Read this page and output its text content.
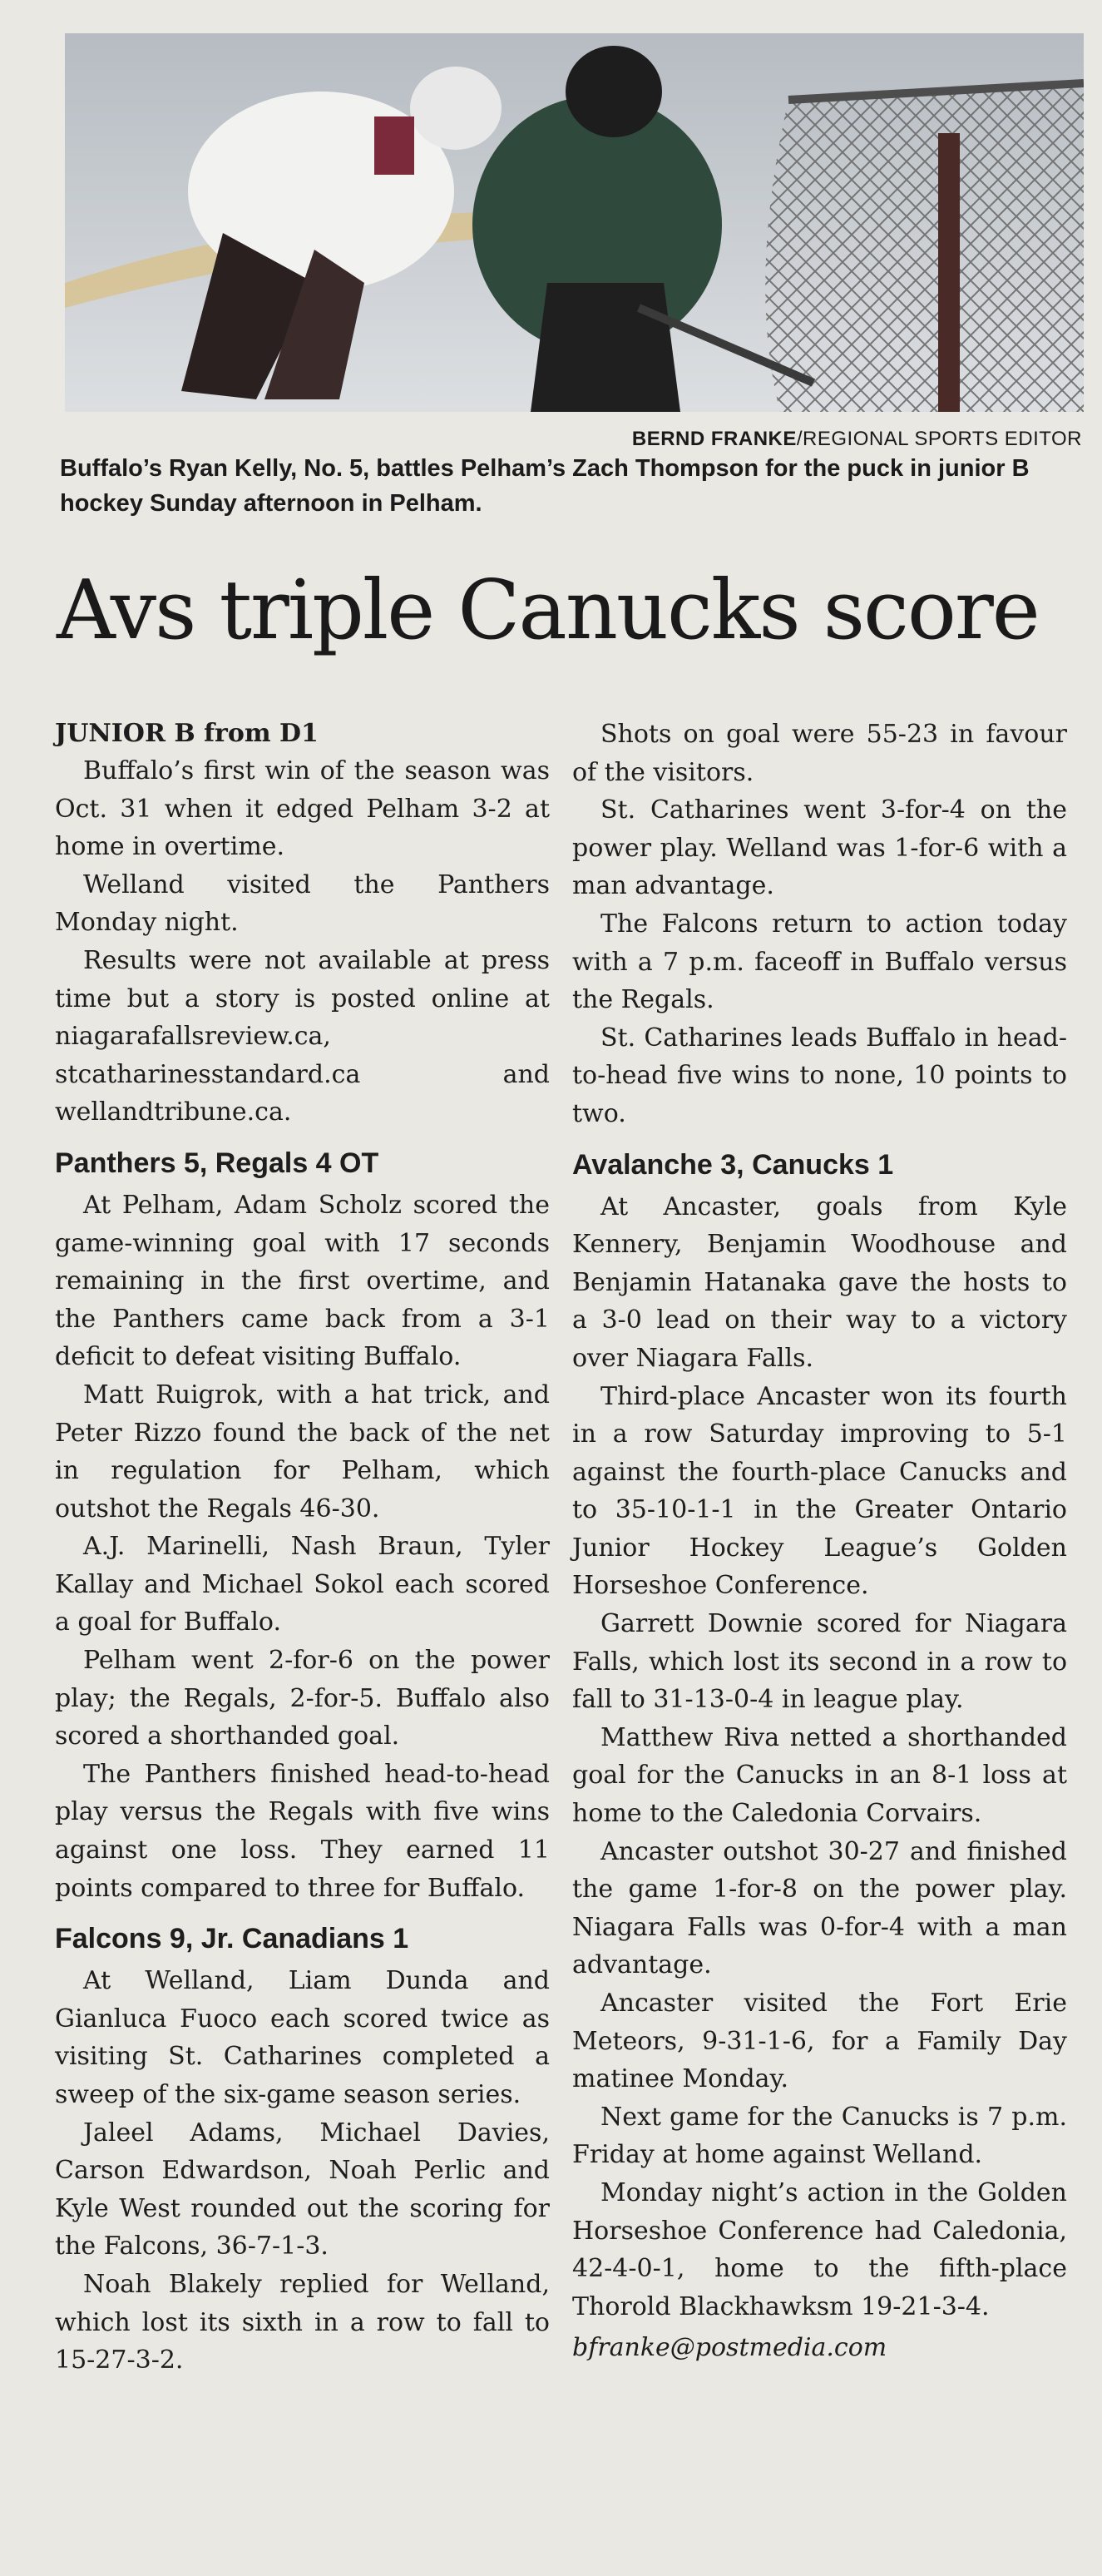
BERND FRANKE/REGIONAL SPORTS EDITOR
Buffalo’s Ryan Kelly, No. 5, battles Pelham’s Zach Thompson for the puck in junior B hockey Sunday afternoon in Pelham.
Avs triple Canucks score
JUNIOR B from D1

Buffalo’s first win of the season was Oct. 31 when it edged Pelham 3-2 at home in overtime.

Welland visited the Panthers Monday night.

Results were not available at press time but a story is posted online at niagarafallsreview.ca, stcatharinesstandard.ca and wellandtribune.ca.

Panthers 5, Regals 4 OT

At Pelham, Adam Scholz scored the game-winning goal with 17 seconds remaining in the first overtime, and the Panthers came back from a 3-1 deficit to defeat visiting Buffalo.

Matt Ruigrok, with a hat trick, and Peter Rizzo found the back of the net in regulation for Pelham, which outshot the Regals 46-30.

A.J. Marinelli, Nash Braun, Tyler Kallay and Michael Sokol each scored a goal for Buffalo.

Pelham went 2-for-6 on the power play; the Regals, 2-for-5. Buffalo also scored a shorthanded goal.

The Panthers finished head-to-head play versus the Regals with five wins against one loss. They earned 11 points compared to three for Buffalo.

Falcons 9, Jr. Canadians 1

At Welland, Liam Dunda and Gianluca Fuoco each scored twice as visiting St. Catharines completed a sweep of the six-game season series.

Jaleel Adams, Michael Davies, Carson Edwardson, Noah Perlic and Kyle West rounded out the scoring for the Falcons, 36-7-1-3.

Noah Blakely replied for Welland, which lost its sixth in a row to fall to 15-27-3-2.

Shots on goal were 55-23 in favour of the visitors.

St. Catharines went 3-for-4 on the power play. Welland was 1-for-6 with a man advantage.

The Falcons return to action today with a 7 p.m. faceoff in Buffalo versus the Regals.

St. Catharines leads Buffalo in head-to-head five wins to none, 10 points to two.

Avalanche 3, Canucks 1

At Ancaster, goals from Kyle Kennery, Benjamin Woodhouse and Benjamin Hatanaka gave the hosts to a 3-0 lead on their way to a victory over Niagara Falls.

Third-place Ancaster won its fourth in a row Saturday improving to 5-1 against the fourth-place Canucks and to 35-10-1-1 in the Greater Ontario Junior Hockey League’s Golden Horseshoe Conference.

Garrett Downie scored for Niagara Falls, which lost its second in a row to fall to 31-13-0-4 in league play.

Matthew Riva netted a shorthanded goal for the Canucks in an 8-1 loss at home to the Caledonia Corvairs.

Ancaster outshot 30-27 and finished the game 1-for-8 on the power play. Niagara Falls was 0-for-4 with a man advantage.

Ancaster visited the Fort Erie Meteors, 9-31-1-6, for a Family Day matinee Monday.

Next game for the Canucks is 7 p.m. Friday at home against Welland.

Monday night’s action in the Golden Horseshoe Conference had Caledonia, 42-4-0-1, home to the fifth-place Thorold Blackhawksm 19-21-3-4.

bfranke@postmedia.com
